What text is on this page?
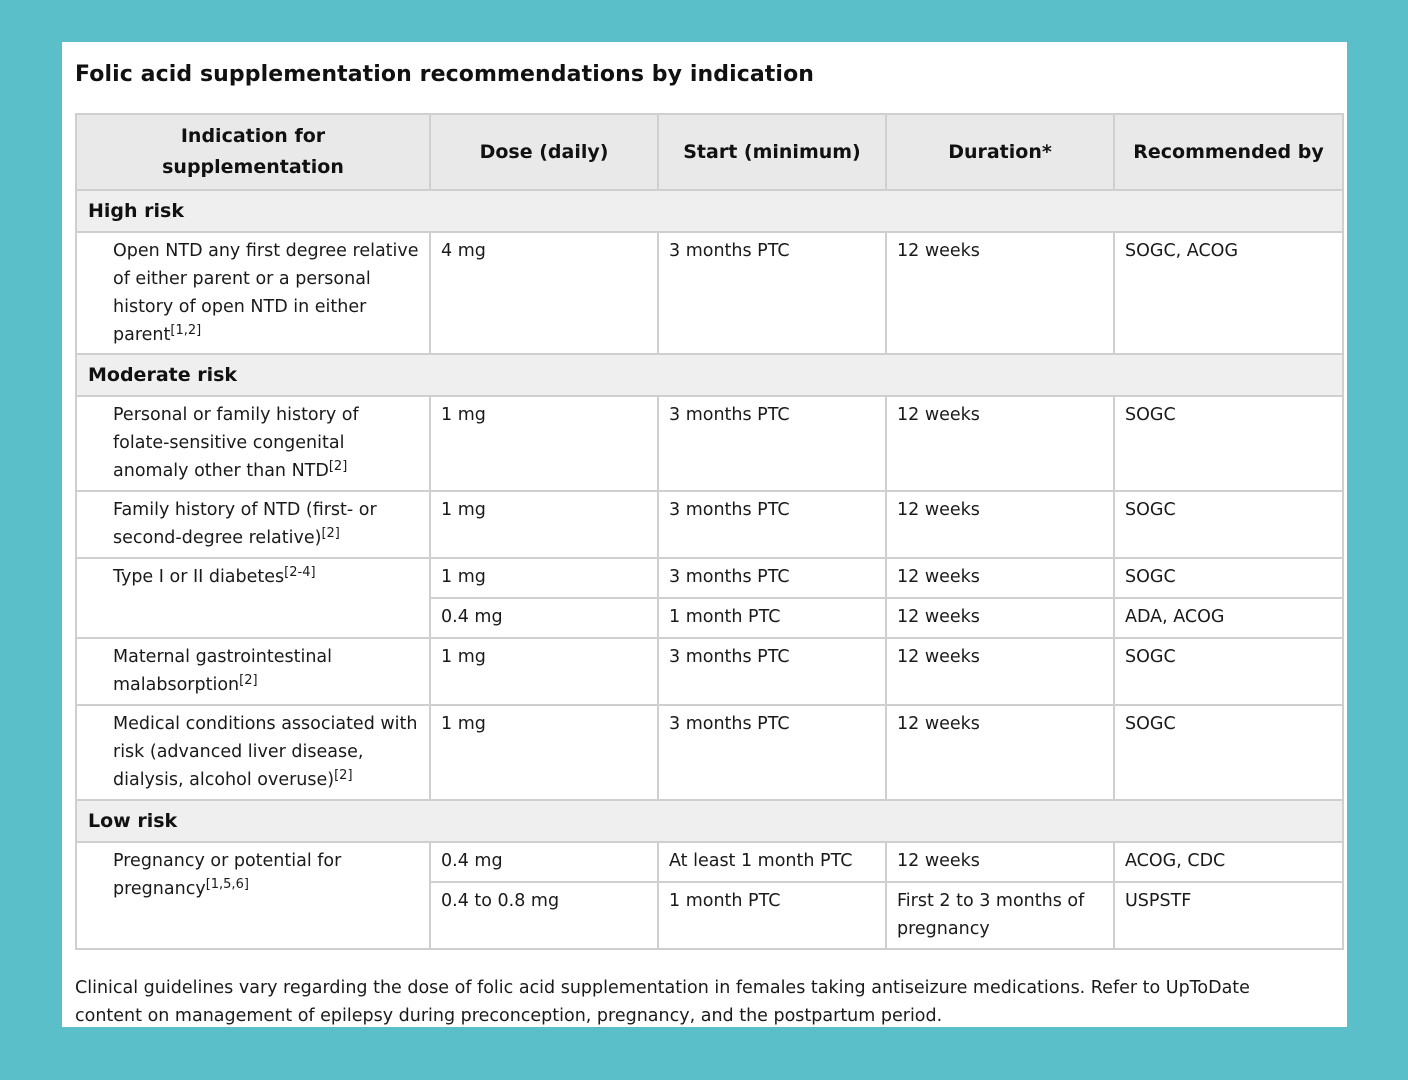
Folic acid supplementation recommendations by indication
Indication for supplementation	Dose (daily)	Start (minimum)	Duration*	Recommended by
High risk				
Open NTD any first degree relative of either parent or a personal history of open NTD in either parent[1,2]	4 mg	3 months PTC	12 weeks	SOGC, ACOG
Moderate risk				
Personal or family history of folate-sensitive congenital anomaly other than NTD[2]	1 mg	3 months PTC	12 weeks	SOGC
Family history of NTD (first- or second-degree relative)[2]	1 mg	3 months PTC	12 weeks	SOGC
Type I or II diabetes[2-4]	1 mg	3 months PTC	12 weeks	SOGC
	0.4 mg	1 month PTC	12 weeks	ADA, ACOG
Maternal gastrointestinal malabsorption[2]	1 mg	3 months PTC	12 weeks	SOGC
Medical conditions associated with risk (advanced liver disease, dialysis, alcohol overuse)[2]	1 mg	3 months PTC	12 weeks	SOGC
Low risk				
Pregnancy or potential for pregnancy[1,5,6]	0.4 mg	At least 1 month PTC	12 weeks	ACOG, CDC
	0.4 to 0.8 mg	1 month PTC	First 2 to 3 months of pregnancy	USPSTF
Clinical guidelines vary regarding the dose of folic acid supplementation in females taking antiseizure medications. Refer to UpToDate content on management of epilepsy during preconception, pregnancy, and the postpartum period.
